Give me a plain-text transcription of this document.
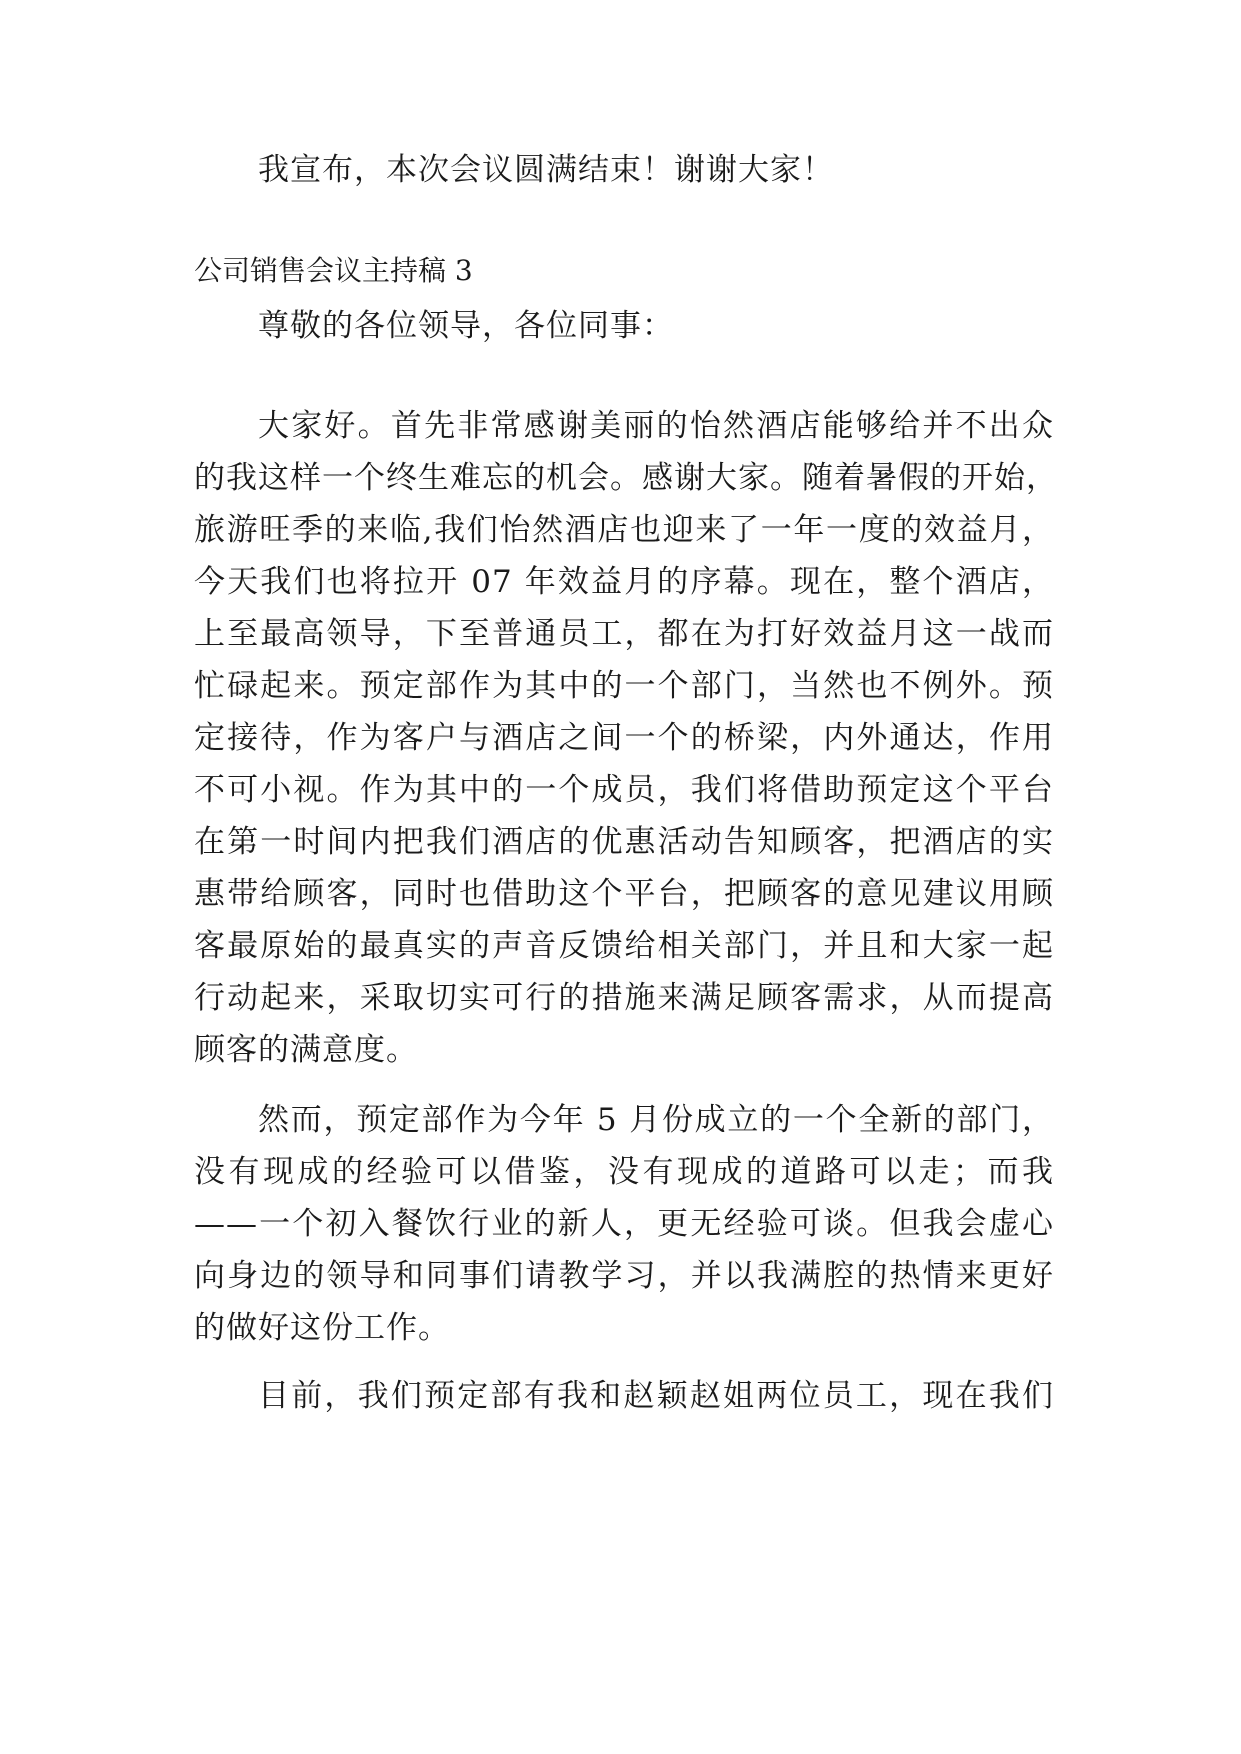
我宣布，本次会议圆满结束！谢谢大家！
公司销售会议主持稿 3
尊敬的各位领导，各位同事：
大家好。首先非常感谢美丽的怡然酒店能够给并不出众
的我这样一个终生难忘的机会。感谢大家。随着暑假的开始，
旅游旺季的来临,我们怡然酒店也迎来了一年一度的效益月，
今天我们也将拉开 07 年效益月的序幕。现在，整个酒店，
上至最高领导，下至普通员工，都在为打好效益月这一战而
忙碌起来。预定部作为其中的一个部门，当然也不例外。预
定接待，作为客户与酒店之间一个的桥梁，内外通达，作用
不可小视。作为其中的一个成员，我们将借助预定这个平台
在第一时间内把我们酒店的优惠活动告知顾客，把酒店的实
惠带给顾客，同时也借助这个平台，把顾客的意见建议用顾
客最原始的最真实的声音反馈给相关部门，并且和大家一起
行动起来，采取切实可行的措施来满足顾客需求，从而提高
顾客的满意度。
然而，预定部作为今年 5 月份成立的一个全新的部门，
没有现成的经验可以借鉴，没有现成的道路可以走；而我
——一个初入餐饮行业的新人，更无经验可谈。但我会虚心
向身边的领导和同事们请教学习，并以我满腔的热情来更好
的做好这份工作。
目前，我们预定部有我和赵颖赵姐两位员工，现在我们
